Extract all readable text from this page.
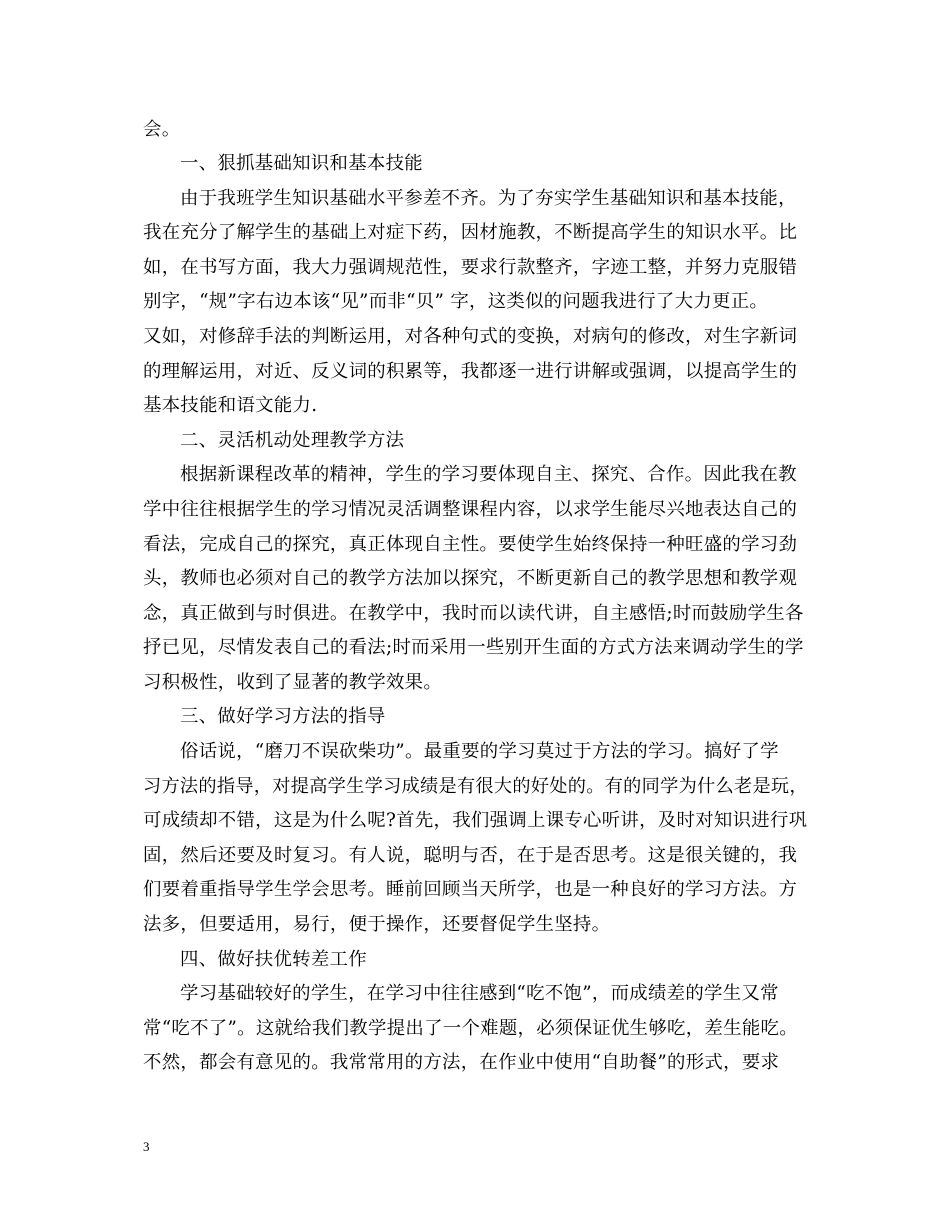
会。
一、狠抓基础知识和基本技能
由于我班学生知识基础水平参差不齐。为了夯实学生基础知识和基本技能，
我在充分了解学生的基础上对症下药，因材施教，不断提高学生的知识水平。比
如，在书写方面，我大力强调规范性，要求行款整齐，字迹工整，并努力克服错
别字，“规”字右边本该“见”而非“贝” 字，这类似的问题我进行了大力更正。
又如，对修辞手法的判断运用，对各种句式的变换，对病句的修改，对生字新词
的理解运用，对近、反义词的积累等，我都逐一进行讲解或强调，以提高学生的
基本技能和语文能力.
二、灵活机动处理教学方法
根据新课程改革的精神，学生的学习要体现自主、探究、合作。因此我在教
学中往往根据学生的学习情况灵活调整课程内容，以求学生能尽兴地表达自己的
看法，完成自己的探究，真正体现自主性。要使学生始终保持一种旺盛的学习劲
头，教师也必须对自己的教学方法加以探究，不断更新自己的教学思想和教学观
念，真正做到与时俱进。在教学中，我时而以读代讲，自主感悟;时而鼓励学生各
抒已见，尽情发表自己的看法;时而采用一些别开生面的方式方法来调动学生的学
习积极性，收到了显著的教学效果。
三、做好学习方法的指导
俗话说，“磨刀不误砍柴功”。最重要的学习莫过于方法的学习。搞好了学
习方法的指导，对提高学生学习成绩是有很大的好处的。有的同学为什么老是玩，
可成绩却不错，这是为什么呢?首先，我们强调上课专心听讲，及时对知识进行巩
固，然后还要及时复习。有人说，聪明与否，在于是否思考。这是很关键的，我
们要着重指导学生学会思考。睡前回顾当天所学，也是一种良好的学习方法。方
法多，但要适用，易行，便于操作，还要督促学生坚持。
四、做好扶优转差工作
学习基础较好的学生，在学习中往往感到“吃不饱”，而成绩差的学生又常
常“吃不了”。这就给我们教学提出了一个难题，必须保证优生够吃，差生能吃。
不然，都会有意见的。我常常用的方法，在作业中使用“自助餐”的形式，要求
3
